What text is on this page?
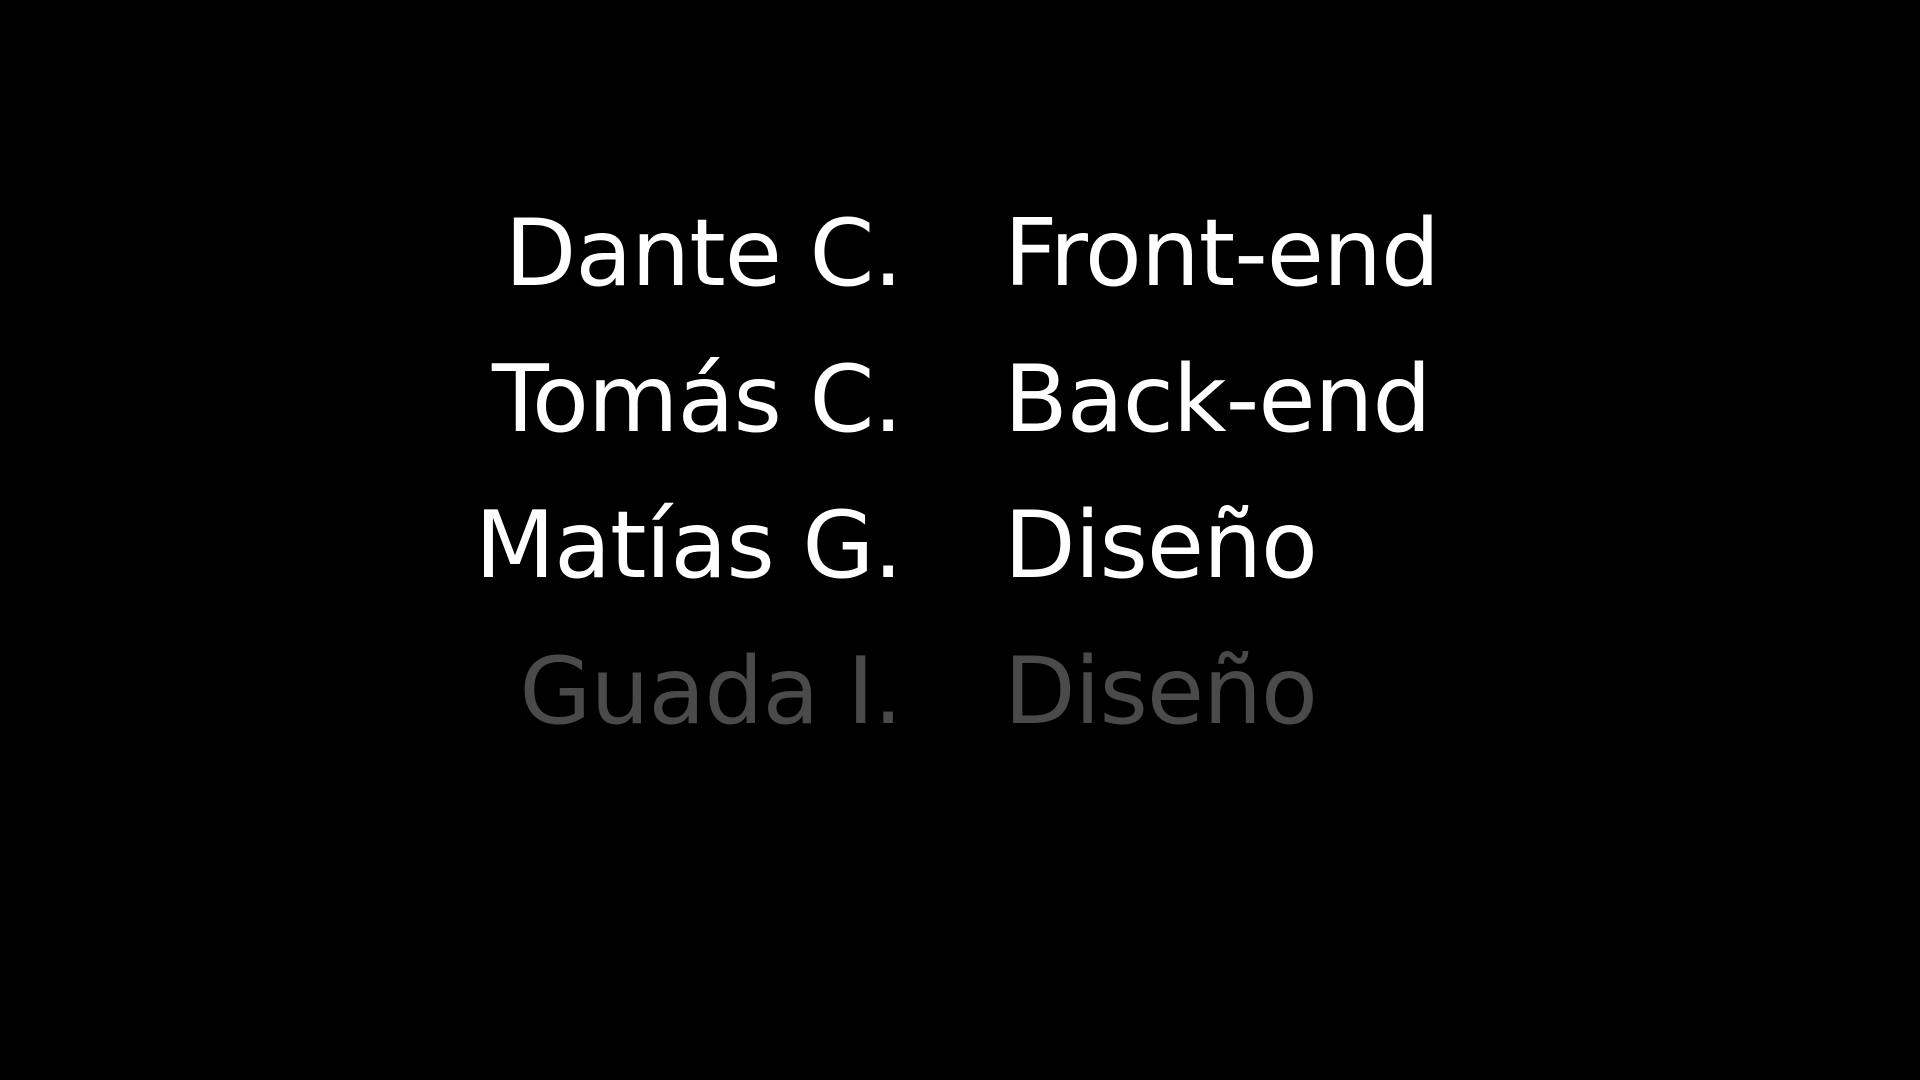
Dante C. Front-end
Tomás C. Back-end
Matías G. Diseño
Guada I. Diseño
